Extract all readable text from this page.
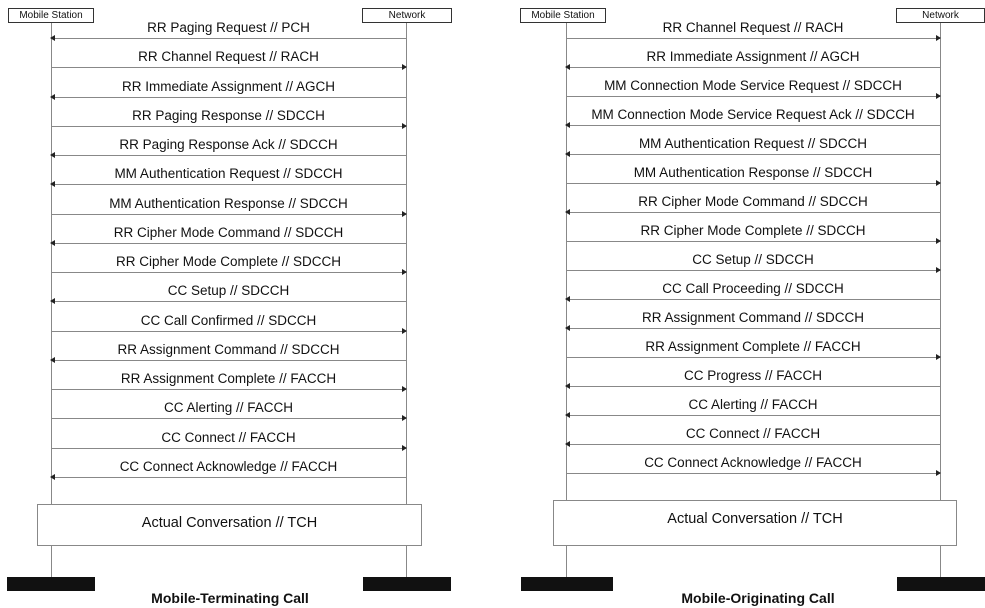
Mobile Station	Network
Actual Conversation // TCH
Mobile-Terminating Call
RR Paging Request // PCH
RR Channel Request // RACH
RR Immediate Assignment // AGCH
RR Paging Response // SDCCH
RR Paging Response Ack // SDCCH
MM Authentication Request // SDCCH
MM Authentication Response // SDCCH
RR Cipher Mode Command // SDCCH
RR Cipher Mode Complete // SDCCH
CC Setup // SDCCH
CC Call Confirmed // SDCCH
RR Assignment Command // SDCCH
RR Assignment Complete // FACCH
CC Alerting // FACCH
CC Connect // FACCH
CC Connect Acknowledge // FACCH
Mobile Station	Network
Actual Conversation // TCH
Mobile-Originating Call
RR Channel Request // RACH
RR Immediate Assignment // AGCH
MM Connection Mode Service Request // SDCCH
MM Connection Mode Service Request Ack // SDCCH
MM Authentication Request // SDCCH
MM Authentication Response // SDCCH
RR Cipher Mode Command // SDCCH
RR Cipher Mode Complete // SDCCH
CC Setup // SDCCH
CC Call Proceeding // SDCCH
RR Assignment Command // SDCCH
RR Assignment Complete // FACCH
CC Progress // FACCH
CC Alerting // FACCH
CC Connect // FACCH
CC Connect Acknowledge // FACCH
